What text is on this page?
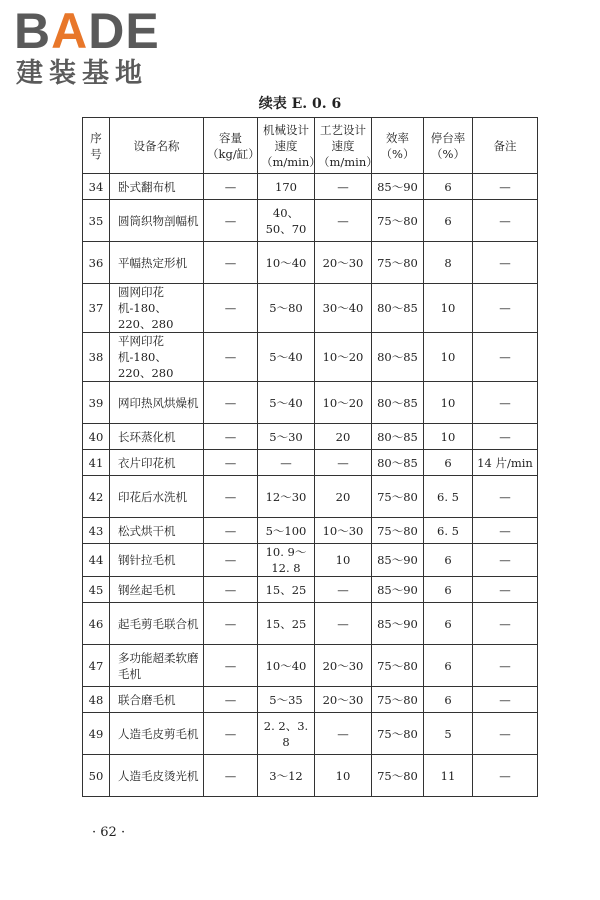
BADE
建装基地
续表 E. 0. 6
序号	设备名称	容量（kg/缸）	机械设计速度（m/min）	工艺设计速度（m/min）	效率（%）	停台率（%）	备注
34	卧式翻布机	—	170	—	85～90	6	—
35	圆筒织物剖幅机	—	40、50、70	—	75～80	6	—
36	平幅热定形机	—	10～40	20～30	75～80	8	—
37	圆网印花机-180、220、280	—	5～80	30～40	80～85	10	—
38	平网印花机-180、220、280	—	5～40	10～20	80～85	10	—
39	网印热风烘燥机	—	5～40	10～20	80～85	10	—
40	长环蒸化机	—	5～30	20	80～85	10	—
41	衣片印花机	—	—	—	80～85	6	14 片/min
42	印花后水洗机	—	12～30	20	75～80	6. 5	—
43	松式烘干机	—	5～100	10～30	75～80	6. 5	—
44	钢针拉毛机	—	10. 9～12. 8	10	85～90	6	—
45	钢丝起毛机	—	15、25	—	85～90	6	—
46	起毛剪毛联合机	—	15、25	—	85～90	6	—
47	多功能超柔软磨毛机	—	10～40	20～30	75～80	6	—
48	联合磨毛机	—	5～35	20～30	75～80	6	—
49	人造毛皮剪毛机	—	2. 2、3. 8	—	75～80	5	—
50	人造毛皮烫光机	—	3～12	10	75～80	11	—
· 62 ·
